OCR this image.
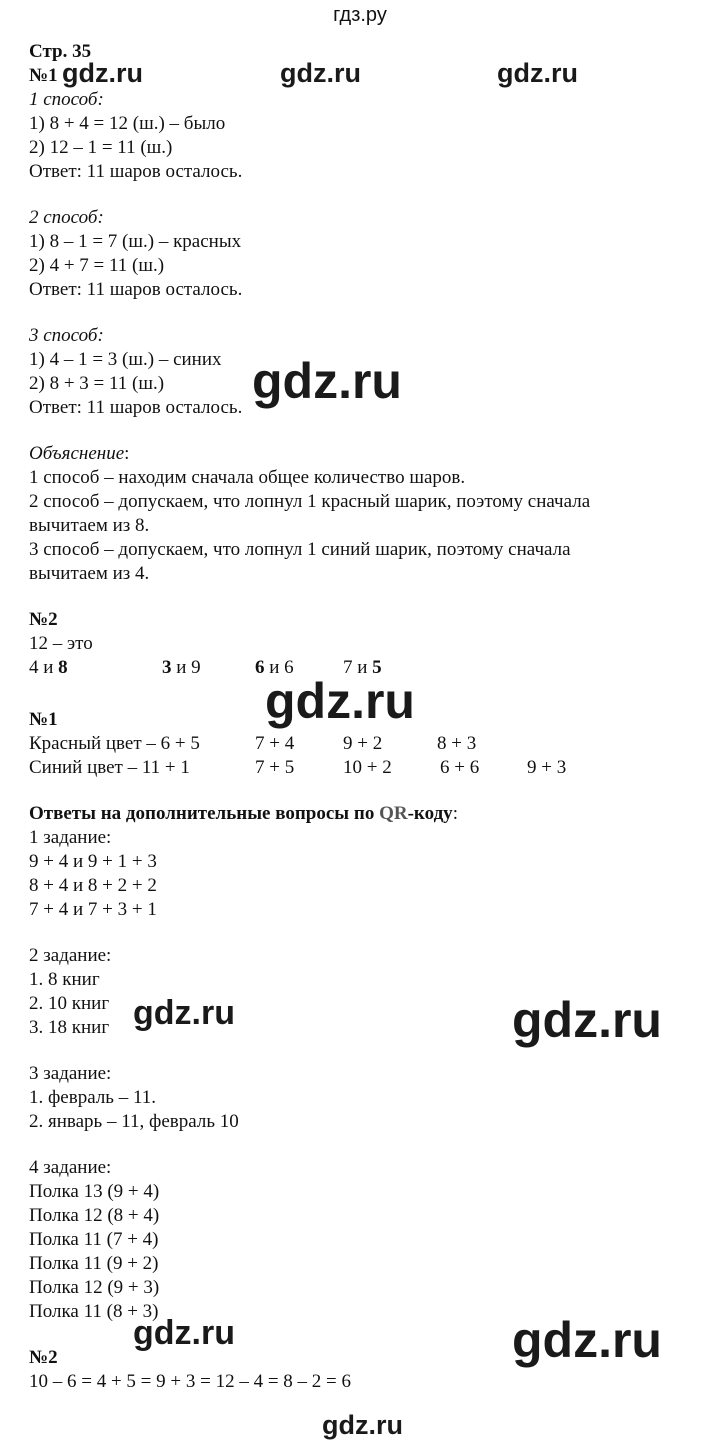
гдз.ру
Стр. 35
№1
1 способ:
1) 8 + 4 = 12 (ш.) – было
2) 12 – 1 = 11 (ш.)
Ответ: 11 шаров осталось.
2 способ:
1) 8 – 1 = 7 (ш.) – красных
2) 4 + 7 = 11 (ш.)
Ответ: 11 шаров осталось.
3 способ:
1) 4 – 1 = 3 (ш.) – синих
2) 8 + 3 = 11 (ш.)
Ответ: 11 шаров осталось.
Объяснение:
1 способ – находим сначала общее количество шаров.
2 способ – допускаем, что лопнул 1 красный шарик, поэтому сначала
вычитаем из 8.
3 способ – допускаем, что лопнул 1 синий шарик, поэтому сначала
вычитаем из 4.
№2
12 – это
4 и 8	3 и 9	6 и 6	7 и 5
№1
Красный цвет – 6 + 5	7 + 4	9 + 2	8 + 3
Синий цвет – 11 + 1	7 + 5	10 + 2	6 + 6	9 + 3
Ответы на дополнительные вопросы по QR-коду:
1 задание:
9 + 4 и 9 + 1 + 3
8 + 4 и 8 + 2 + 2
7 + 4 и 7 + 3 + 1
2 задание:
1. 8 книг
2. 10 книг
3. 18 книг
3 задание:
1. февраль – 11.
2. январь – 11, февраль 10
4 задание:
Полка 13 (9 + 4)
Полка 12 (8 + 4)
Полка 11 (7 + 4)
Полка 11 (9 + 2)
Полка 12 (9 + 3)
Полка 11 (8 + 3)
№2
10 – 6 = 4 + 5 = 9 + 3 = 12 – 4 = 8 – 2 = 6
gdz.ru	gdz.ru	gdz.ru
gdz.ru
gdz.ru
gdz.ru	gdz.ru
gdz.ru	gdz.ru
gdz.ru
